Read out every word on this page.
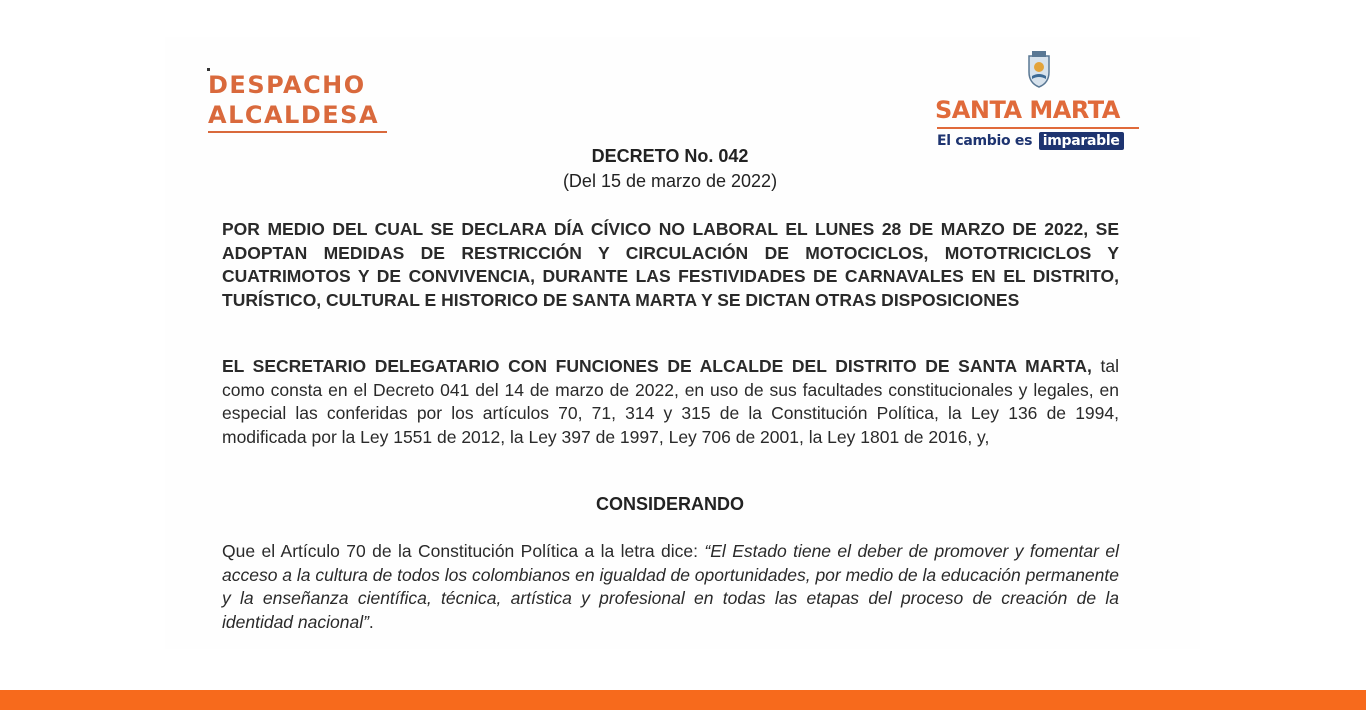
DESPACHO
ALCALDESA	SANTA MARTA
El cambio es imparable
DECRETO No. 042
(Del 15 de marzo de 2022)
POR MEDIO DEL CUAL SE DECLARA DÍA CÍVICO NO LABORAL EL LUNES 28 DE MARZO DE 2022, SE ADOPTAN MEDIDAS DE RESTRICCIÓN Y CIRCULACIÓN DE MOTOCICLOS, MOTOTRICICLOS Y CUATRIMOTOS Y DE CONVIVENCIA, DURANTE LAS FESTIVIDADES DE CARNAVALES EN EL DISTRITO, TURÍSTICO, CULTURAL E HISTORICO DE SANTA MARTA Y SE DICTAN OTRAS DISPOSICIONES
EL SECRETARIO DELEGATARIO CON FUNCIONES DE ALCALDE DEL DISTRITO DE SANTA MARTA, tal como consta en el Decreto 041 del 14 de marzo de 2022, en uso de sus facultades constitucionales y legales, en especial las conferidas por los artículos 70, 71, 314 y 315 de la Constitución Política, la Ley 136 de 1994, modificada por la Ley 1551 de 2012, la Ley 397 de 1997, Ley 706 de 2001, la Ley 1801 de 2016, y,
CONSIDERANDO
Que el Artículo 70 de la Constitución Política a la letra dice: “El Estado tiene el deber de promover y fomentar el acceso a la cultura de todos los colombianos en igualdad de oportunidades, por medio de la educación permanente y la enseñanza científica, técnica, artística y profesional en todas las etapas del proceso de creación de la identidad nacional”.
